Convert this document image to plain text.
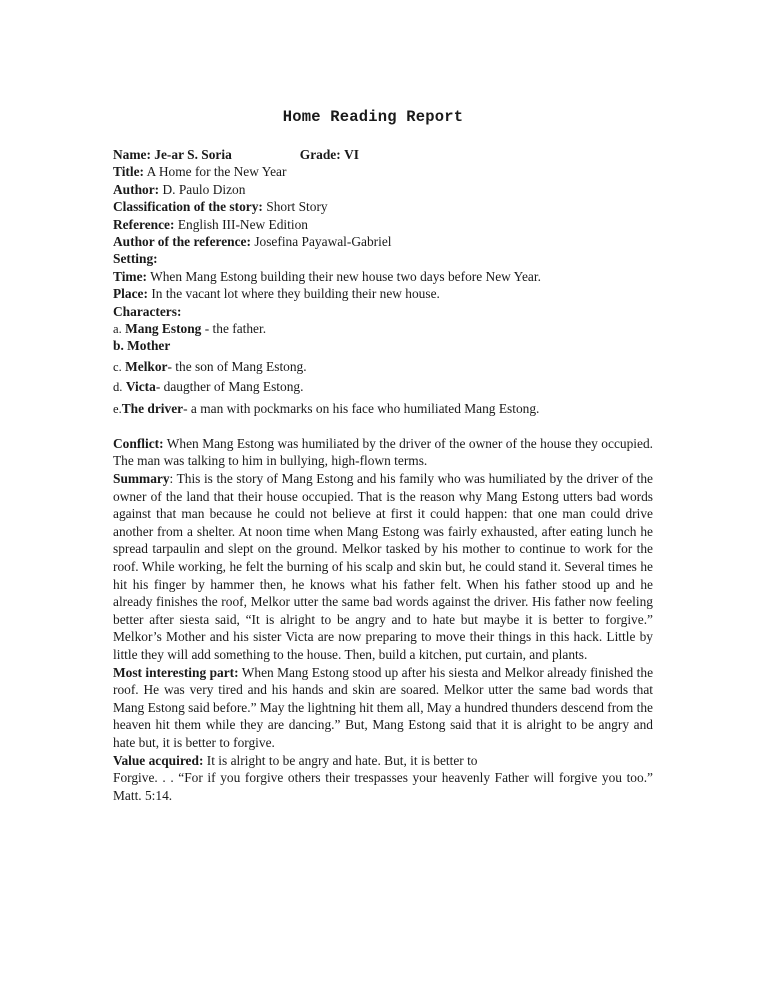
Home Reading Report
Name: Je-ar S. Soria	Grade: VI
Title: A Home for the New Year
Author: D. Paulo Dizon
Classification of the story: Short Story
Reference: English III-New Edition
Author of the reference: Josefina Payawal-Gabriel
Setting:
Time: When Mang Estong building their new house two days before New Year.
Place: In the vacant lot where they building their new house.
Characters:
a. Mang Estong - the father.
b. Mother
c. Melkor- the son of Mang Estong.
d. Victa- daugther of Mang Estong.
e.The driver- a man with pockmarks on his face who humiliated Mang Estong.
Conflict: When Mang Estong was humiliated by the driver of the owner of the house they occupied. The man was talking to him in bullying, high-flown terms.
Summary: This is the story of Mang Estong and his family who was humiliated by the driver of the owner of the land that their house occupied. That is the reason why Mang Estong utters bad words against that man because he could not believe at first it could happen: that one man could drive another from a shelter. At noon time when Mang Estong was fairly exhausted, after eating lunch he spread tarpaulin and slept on the ground. Melkor tasked by his mother to continue to work for the roof. While working, he felt the burning of his scalp and skin but, he could stand it. Several times he hit his finger by hammer then, he knows what his father felt. When his father stood up and he already finishes the roof, Melkor utter the same bad words against the driver. His father now feeling better after siesta said, “It is alright to be angry and to hate but maybe it is better to forgive.” Melkor’s Mother and his sister Victa are now preparing to move their things in this hack. Little by little they will add something to the house. Then, build a kitchen, put curtain, and plants.
Most interesting part: When Mang Estong stood up after his siesta and Melkor already finished the roof. He was very tired and his hands and skin are soared. Melkor utter the same bad words that Mang Estong said before.” May the lightning hit them all, May a hundred thunders descend from the heaven hit them while they are dancing.” But, Mang Estong said that it is alright to be angry and hate but, it is better to forgive.
Value acquired: It is alright to be angry and hate. But, it is better to
Forgive. . . “For if you forgive others their trespasses your heavenly Father will forgive you too.” Matt. 5:14.
